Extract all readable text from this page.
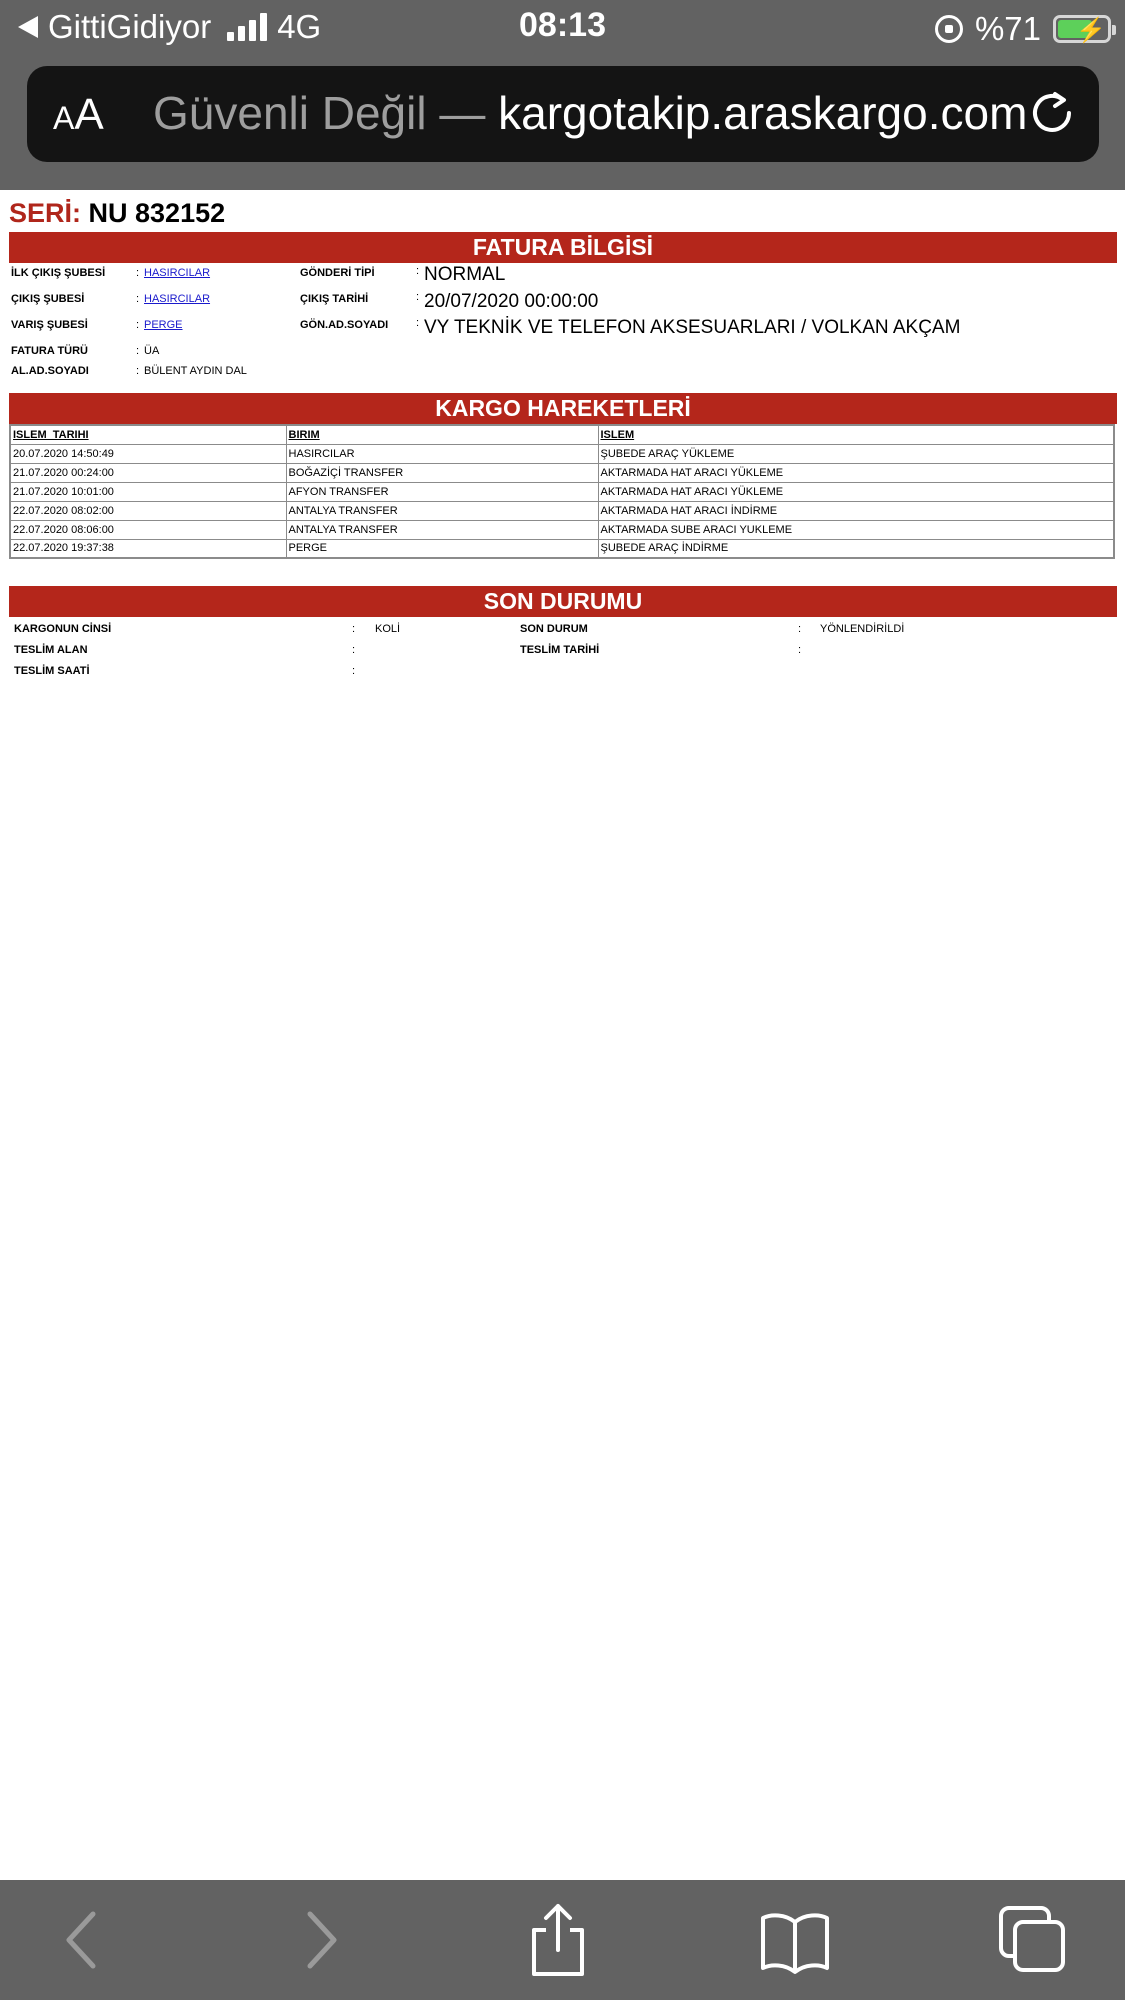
GittiGidiyor 4G	08:13	%71 ⚡
AA Güvenli Değil — kargotakip.araskargo.com
SERİ: NU 832152
FATURA BİLGİSİ
İLK ÇIKIŞ ŞUBESİ	: HASIRCILAR
ÇIKIŞ ŞUBESİ	: HASIRCILAR
VARIŞ ŞUBESİ	: PERGE
FATURA TÜRÜ	: ÜA
AL.AD.SOYADI	: BÜLENT AYDIN DAL
GÖNDERİ TİPİ	: NORMAL
ÇIKIŞ TARİHİ	: 20/07/2020 00:00:00
GÖN.AD.SOYADI	: VY TEKNİK VE TELEFON AKSESUARLARI / VOLKAN AKÇAM
KARGO HAREKETLERİ
ISLEM_TARIHI	BIRIM	ISLEM
20.07.2020 14:50:49	HASIRCILAR	ŞUBEDE ARAÇ YÜKLEME
21.07.2020 00:24:00	BOĞAZİÇİ TRANSFER	AKTARMADA HAT ARACI YÜKLEME
21.07.2020 10:01:00	AFYON TRANSFER	AKTARMADA HAT ARACI YÜKLEME
22.07.2020 08:02:00	ANTALYA TRANSFER	AKTARMADA HAT ARACI İNDİRME
22.07.2020 08:06:00	ANTALYA TRANSFER	AKTARMADA SUBE ARACI YUKLEME
22.07.2020 19:37:38	PERGE	ŞUBEDE ARAÇ İNDİRME
SON DURUMU
KARGONUN CİNSİ	: KOLİ	SON DURUM	: YÖNLENDİRİLDİ
TESLİM ALAN	:	TESLİM TARİHİ	:
TESLİM SAATİ	:
